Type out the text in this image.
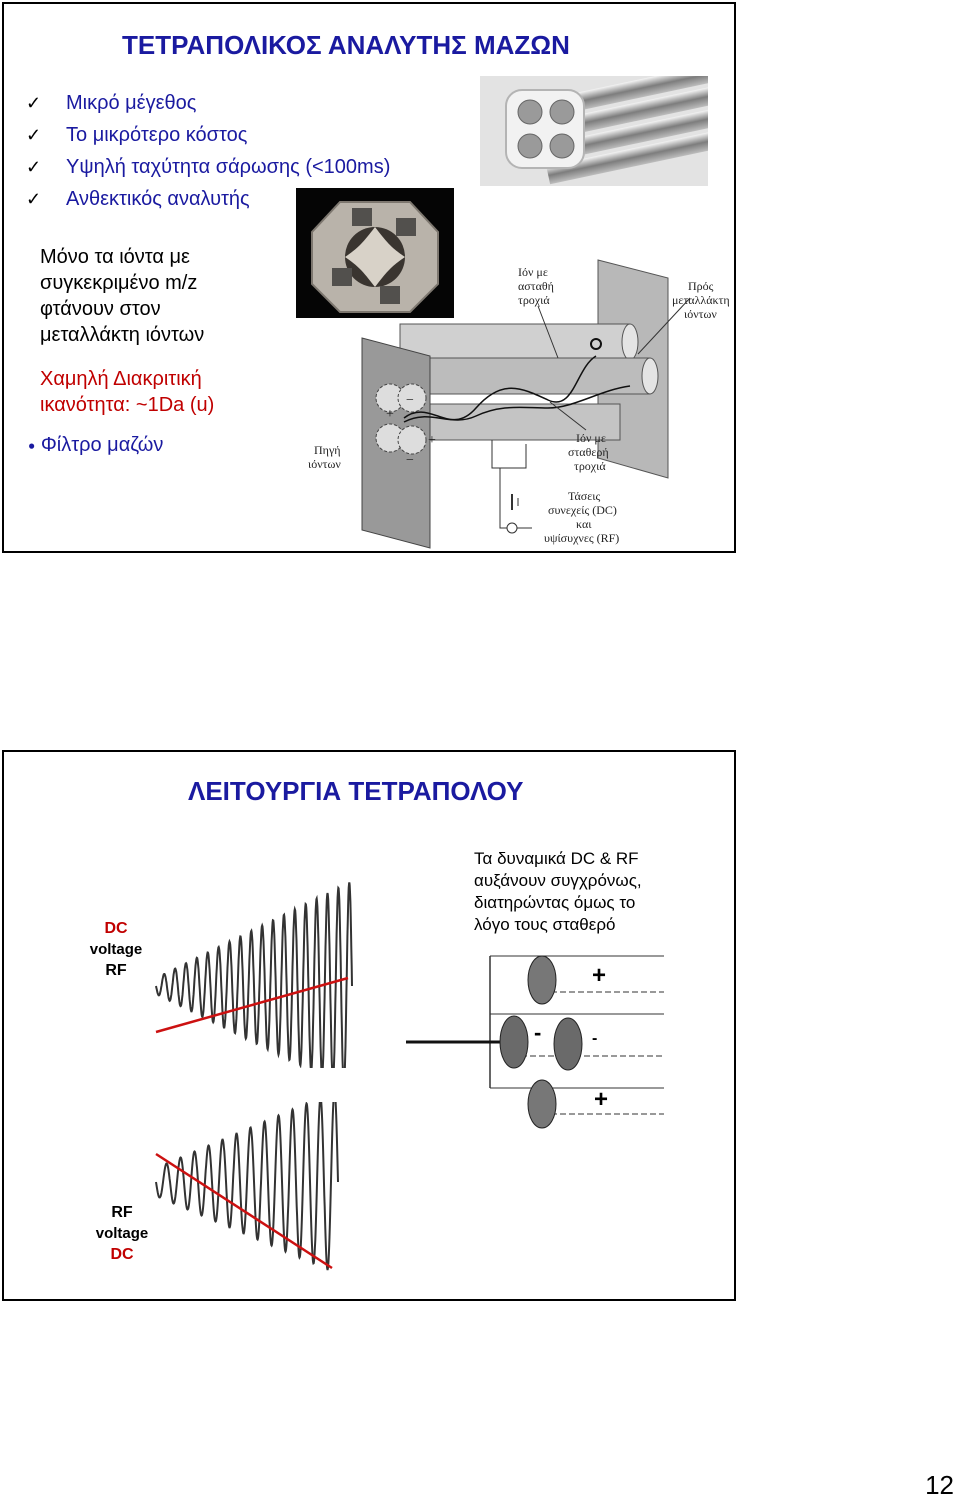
ΤΕΤΡΑΠΟΛΙΚΟΣ ΑΝΑΛΥΤΗΣ ΜΑΖΩΝ
✓ Μικρό μέγεθος
✓ Το μικρότερο κόστος
✓ Υψηλή ταχύτητα σάρωσης (<100ms)
✓ Ανθεκτικός αναλυτής
Μόνο τα ιόντα με
συγκεκριμένο m/z
φτάνουν στον
μεταλλάκτη ιόντων
Χαμηλή Διακριτική
ικανότητα: ~1Da (u)
● Φίλτρο μαζών
+
+
−
−
Ιόν με ασταθή τροχιά
Πρός μεταλλάκτη ιόντων
Ιόν με σταθερή τροχιά
Πηγή ιόντων
Τάσεις συνεχείς (DC) και υψίσυχνες (RF)
ΛΕΙΤΟΥΡΓΙΑ ΤΕΤΡΑΠΟΛΟΥ
Τα δυναμικά DC & RF
αυξάνουν συγχρόνως,
διατηρώντας όμως το
λόγο τους σταθερό
DC
voltage
RF
RF
voltage
DC
+
-	-
+
12
